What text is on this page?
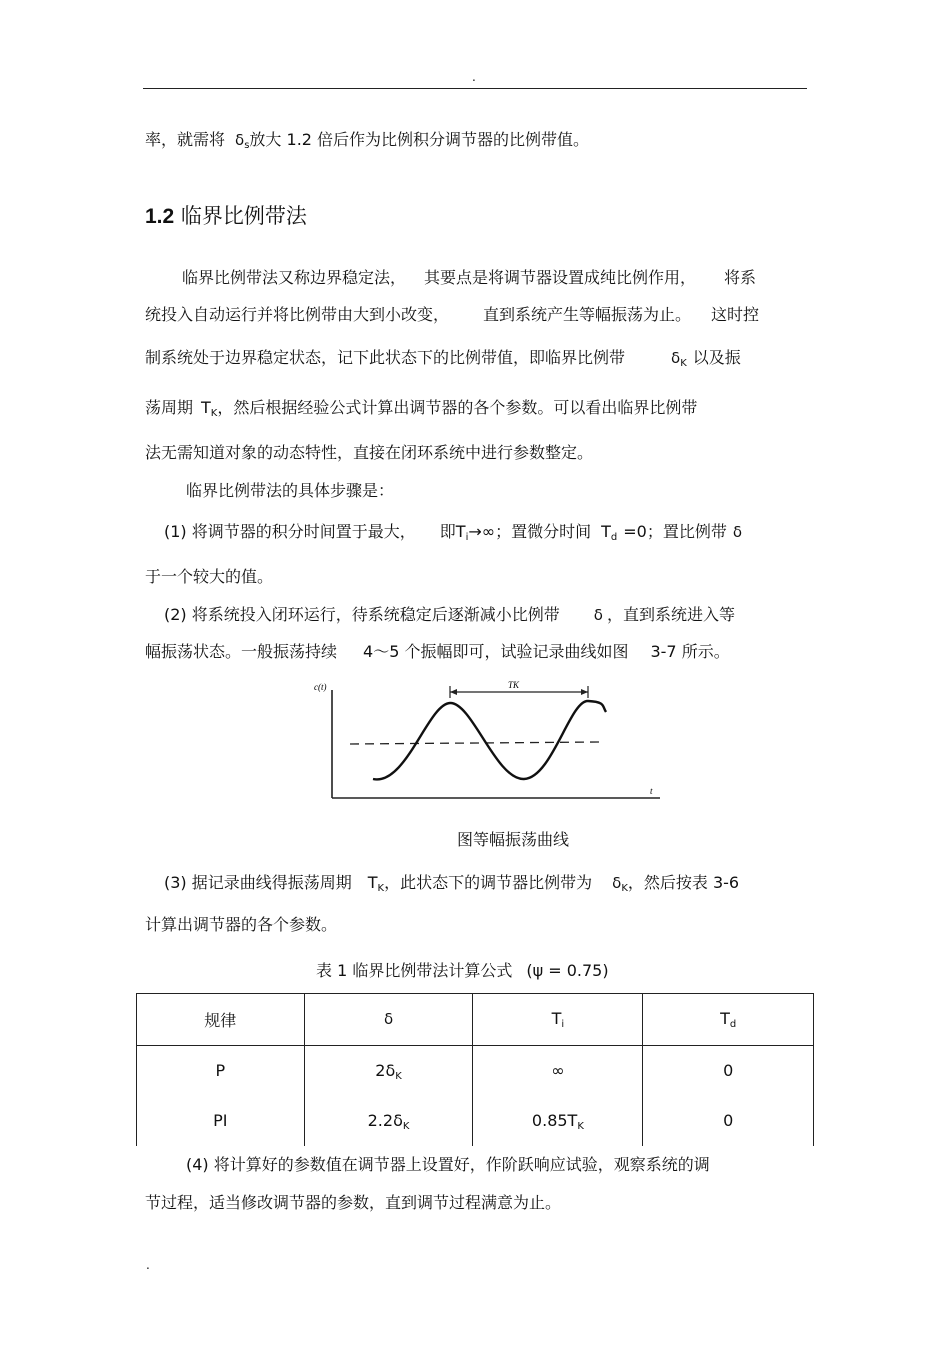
.
率，就需将 $\delta_s$放大 1.2 倍后作为比例积分调节器的比例带值。
1.2 临界比例带法
临界比例带法又称边界稳定法， 其要点是将调节器设置成纯比例作用， 将系
统投入自动运行并将比例带由大到小改变， 直到系统产生等幅振荡为止。 这时控
制系统处于边界稳定状态，记下此状态下的比例带值，即临界比例带	$\delta_K$ 以及振
荡周期 $T_K$，然后根据经验公式计算出调节器的各个参数。可以看出临界比例带
法无需知道对象的动态特性，直接在闭环系统中进行参数整定。
临界比例带法的具体步骤是：
(1) 将调节器的积分时间置于最大， 即$T_i\to\infty$；置微分时间 $T_d =0$；置比例带 δ
于一个较大的值。
(2) 将系统投入闭环运行，待系统稳定后逐渐减小比例带 δ ，直到系统进入等
幅振荡状态。一般振荡持续 4～5 个振幅即可，试验记录曲线如图 3-7 所示。
TK
c(t)
t
图等幅振荡曲线
(3) 据记录曲线得振荡周期 $T_K$，此状态下的调节器比例带为 $\delta_K$，然后按表 3-6
计算出调节器的各个参数。
表 1 临界比例带法计算公式 (ψ = 0.75)
规律	δ	$T_i$	$T_d$
P	$2\delta_K$	∞	0
PI	$2.2\delta_K$	$0.85T_K$	0
(4) 将计算好的参数值在调节器上设置好，作阶跃响应试验，观察系统的调
节过程，适当修改调节器的参数，直到调节过程满意为止。
.
